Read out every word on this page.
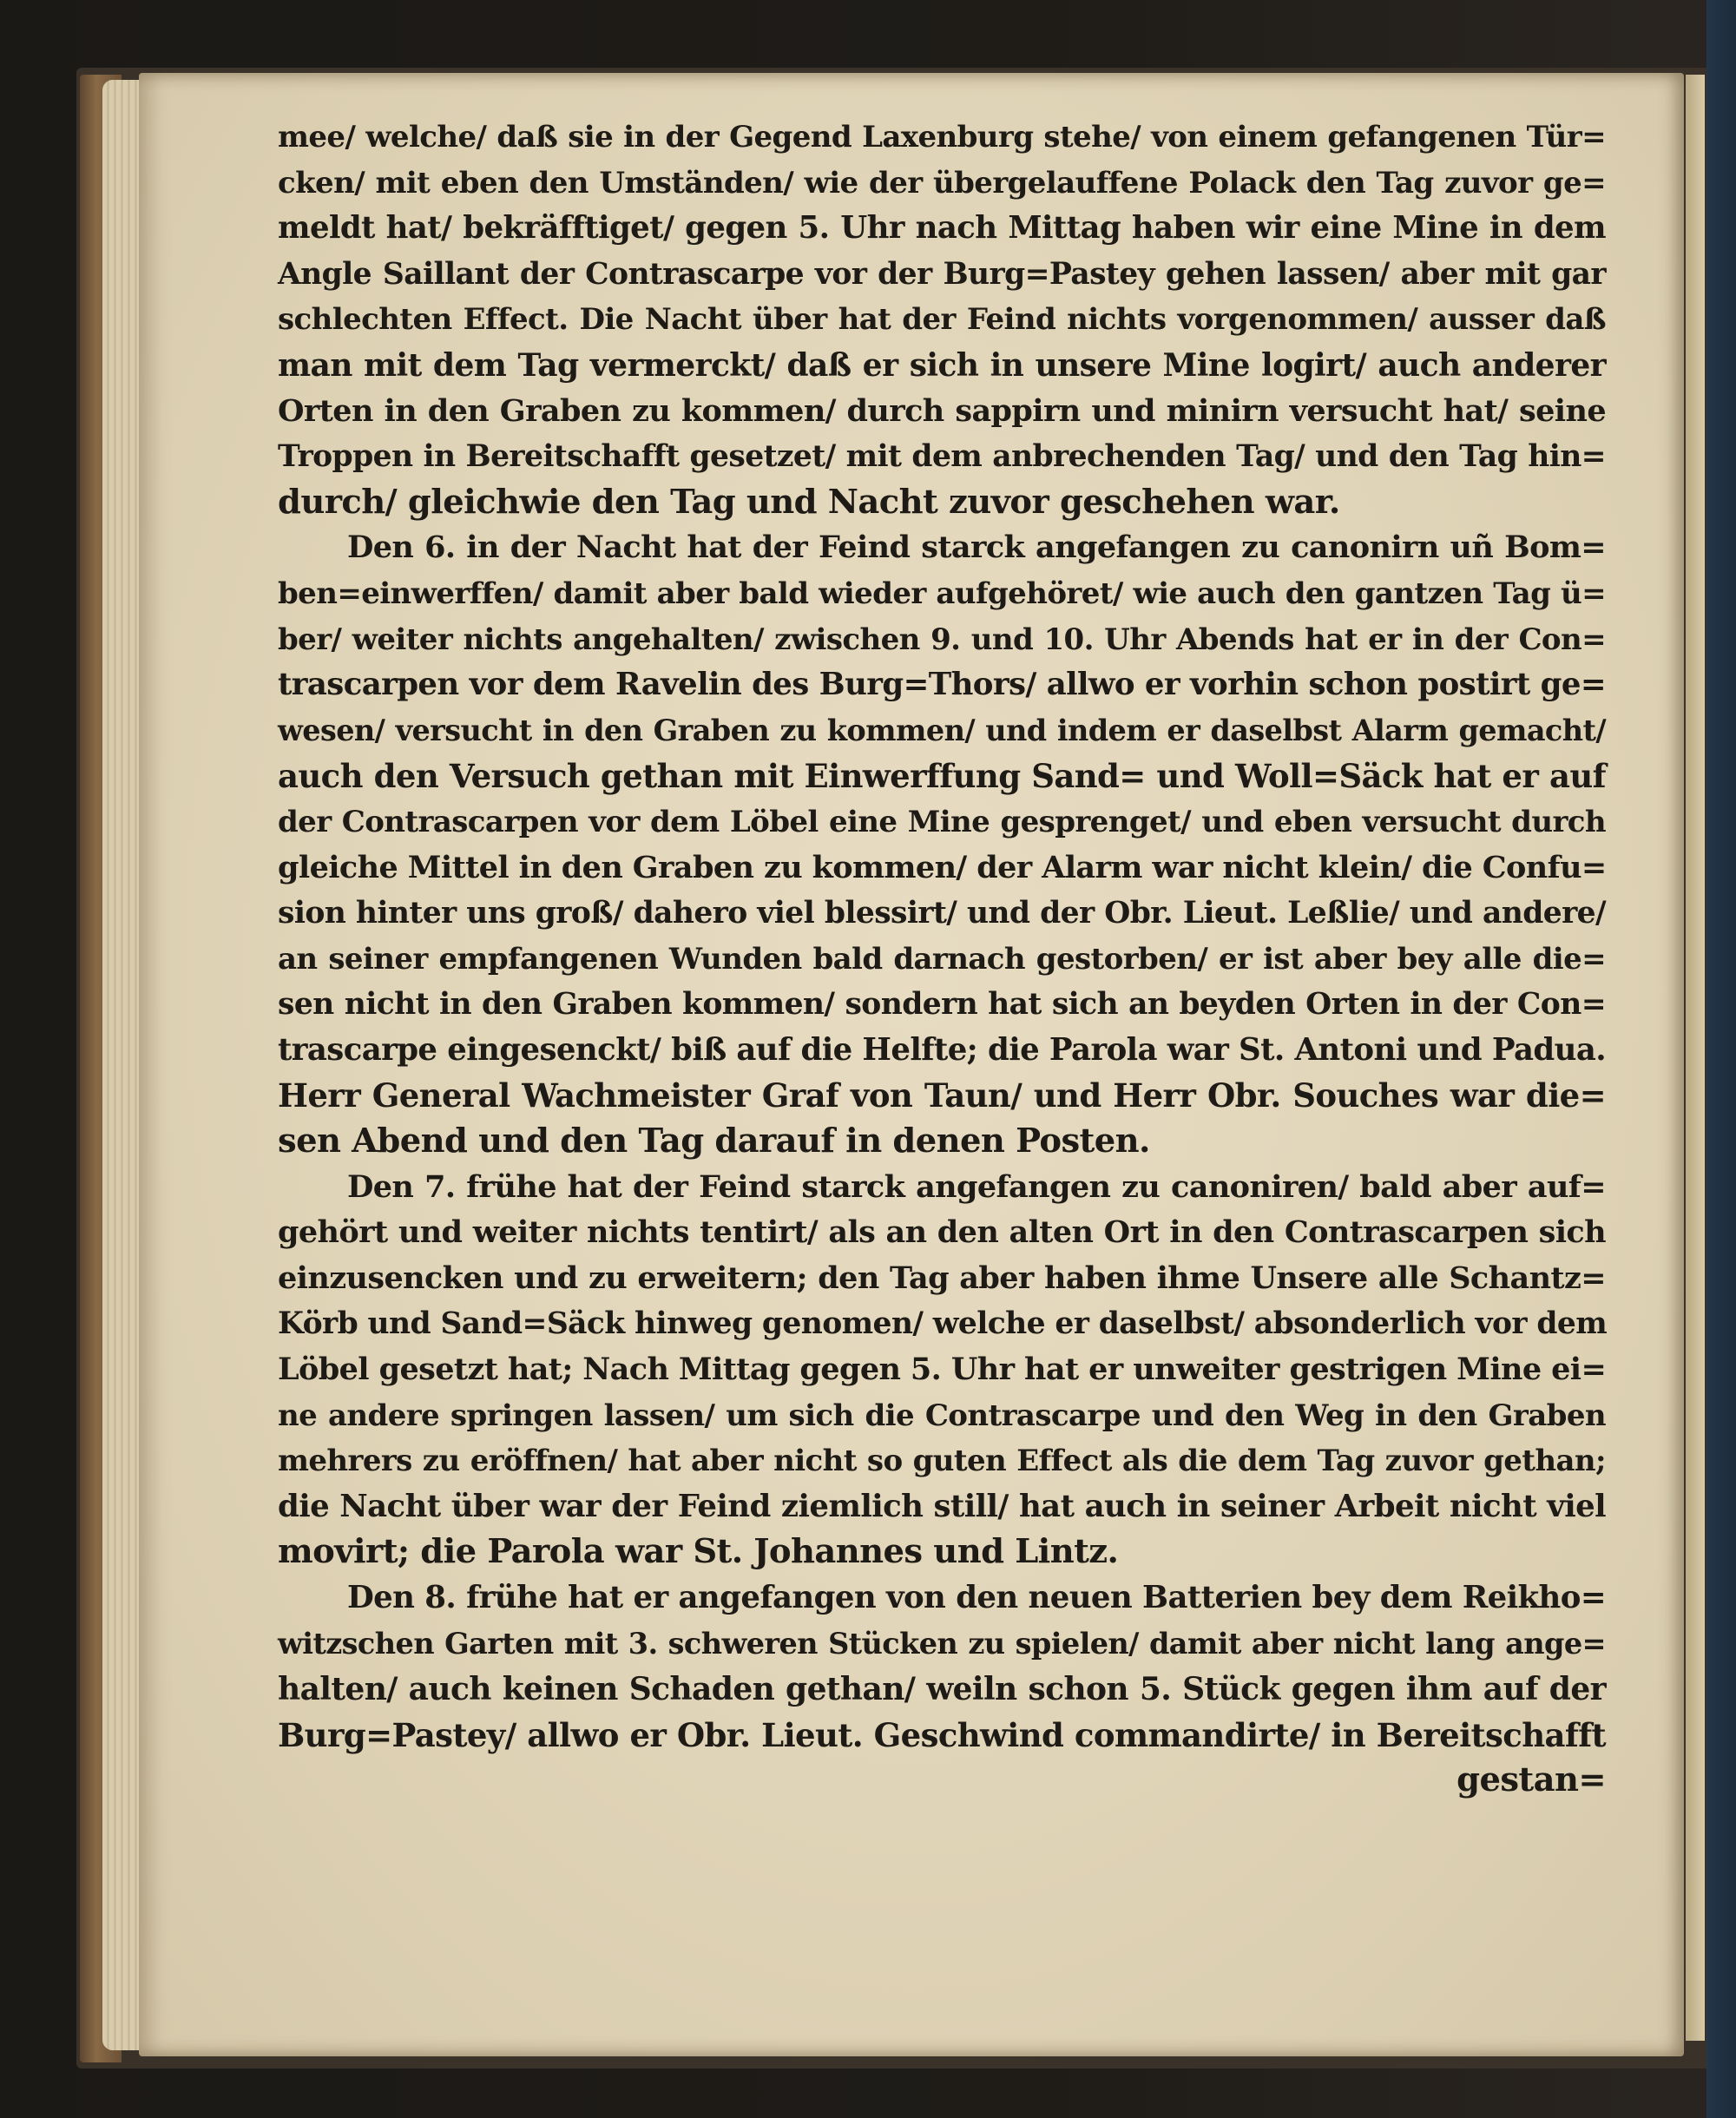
mee/ welche/ daß sie in der Gegend Laxenburg stehe/ von einem gefangenen Tür=
cken/ mit eben den Umständen/ wie der übergelauffene Polack den Tag zuvor ge=
meldt hat/ bekräfftiget/ gegen 5. Uhr nach Mittag haben wir eine Mine in dem
Angle Saillant der Contrascarpe vor der Burg=Pastey gehen lassen/ aber mit gar
schlechten Effect. Die Nacht über hat der Feind nichts vorgenommen/ ausser daß
man mit dem Tag vermerckt/ daß er sich in unsere Mine logirt/ auch anderer
Orten in den Graben zu kommen/ durch sappirn und minirn versucht hat/ seine
Troppen in Bereitschafft gesetzet/ mit dem anbrechenden Tag/ und den Tag hin=
durch/ gleichwie den Tag und Nacht zuvor geschehen war.
Den 6. in der Nacht hat der Feind starck angefangen zu canonirn uñ Bom=
ben=einwerffen/ damit aber bald wieder aufgehöret/ wie auch den gantzen Tag ü=
ber/ weiter nichts angehalten/ zwischen 9. und 10. Uhr Abends hat er in der Con=
trascarpen vor dem Ravelin des Burg=Thors/ allwo er vorhin schon postirt ge=
wesen/ versucht in den Graben zu kommen/ und indem er daselbst Alarm gemacht/
auch den Versuch gethan mit Einwerffung Sand= und Woll=Säck hat er auf
der Contrascarpen vor dem Löbel eine Mine gesprenget/ und eben versucht durch
gleiche Mittel in den Graben zu kommen/ der Alarm war nicht klein/ die Confu=
sion hinter uns groß/ dahero viel blessirt/ und der Obr. Lieut. Leßlie/ und andere/
an seiner empfangenen Wunden bald darnach gestorben/ er ist aber bey alle die=
sen nicht in den Graben kommen/ sondern hat sich an beyden Orten in der Con=
trascarpe eingesenckt/ biß auf die Helfte; die Parola war St. Antoni und Padua.
Herr General Wachmeister Graf von Taun/ und Herr Obr. Souches war die=
sen Abend und den Tag darauf in denen Posten.
Den 7. frühe hat der Feind starck angefangen zu canoniren/ bald aber auf=
gehört und weiter nichts tentirt/ als an den alten Ort in den Contrascarpen sich
einzusencken und zu erweitern; den Tag aber haben ihme Unsere alle Schantz=
Körb und Sand=Säck hinweg genomen/ welche er daselbst/ absonderlich vor dem
Löbel gesetzt hat; Nach Mittag gegen 5. Uhr hat er unweiter gestrigen Mine ei=
ne andere springen lassen/ um sich die Contrascarpe und den Weg in den Graben
mehrers zu eröffnen/ hat aber nicht so guten Effect als die dem Tag zuvor gethan;
die Nacht über war der Feind ziemlich still/ hat auch in seiner Arbeit nicht viel
movirt; die Parola war St. Johannes und Lintz.
Den 8. frühe hat er angefangen von den neuen Batterien bey dem Reikho=
witzschen Garten mit 3. schweren Stücken zu spielen/ damit aber nicht lang ange=
halten/ auch keinen Schaden gethan/ weiln schon 5. Stück gegen ihm auf der
Burg=Pastey/ allwo er Obr. Lieut. Geschwind commandirte/ in Bereitschafft
gestan=
